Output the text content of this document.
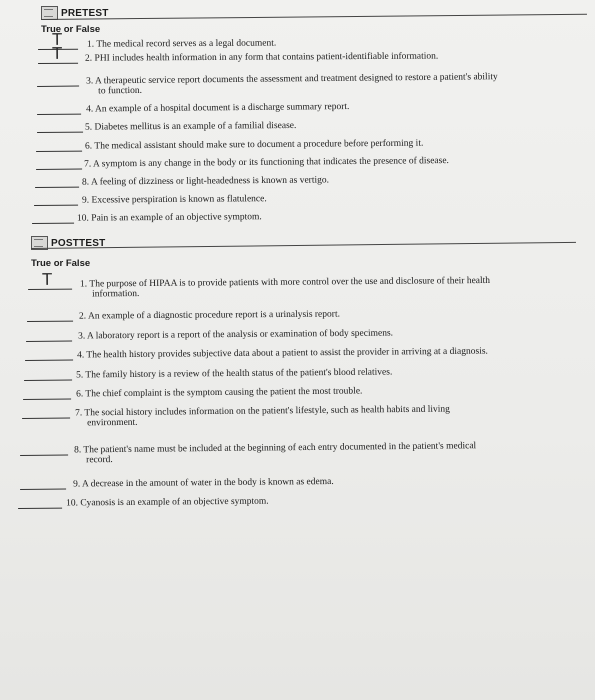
PRETEST
True or False
T	1. The medical record serves as a legal document.
T 2. PHI includes health information in any form that contains patient-identifiable information.
3. A therapeutic service report documents the assessment and treatment designed to restore a patient's ability
to function.
4. An example of a hospital document is a discharge summary report.
5. Diabetes mellitus is an example of a familial disease.
6. The medical assistant should make sure to document a procedure before performing it.
7. A symptom is any change in the body or its functioning that indicates the presence of disease.
8. A feeling of dizziness or light-headedness is known as vertigo.
9. Excessive perspiration is known as flatulence.
10. Pain is an example of an objective symptom.
POSTTEST
True or False
T	1. The purpose of HIPAA is to provide patients with more control over the use and disclosure of their health
information.
2. An example of a diagnostic procedure report is a urinalysis report.
3. A laboratory report is a report of the analysis or examination of body specimens.
4. The health history provides subjective data about a patient to assist the provider in arriving at a diagnosis.
5. The family history is a review of the health status of the patient's blood relatives.
6. The chief complaint is the symptom causing the patient the most trouble.
7. The social history includes information on the patient's lifestyle, such as health habits and living
environment.
8. The patient's name must be included at the beginning of each entry documented in the patient's medical
record.
9. A decrease in the amount of water in the body is known as edema.
10. Cyanosis is an example of an objective symptom.
